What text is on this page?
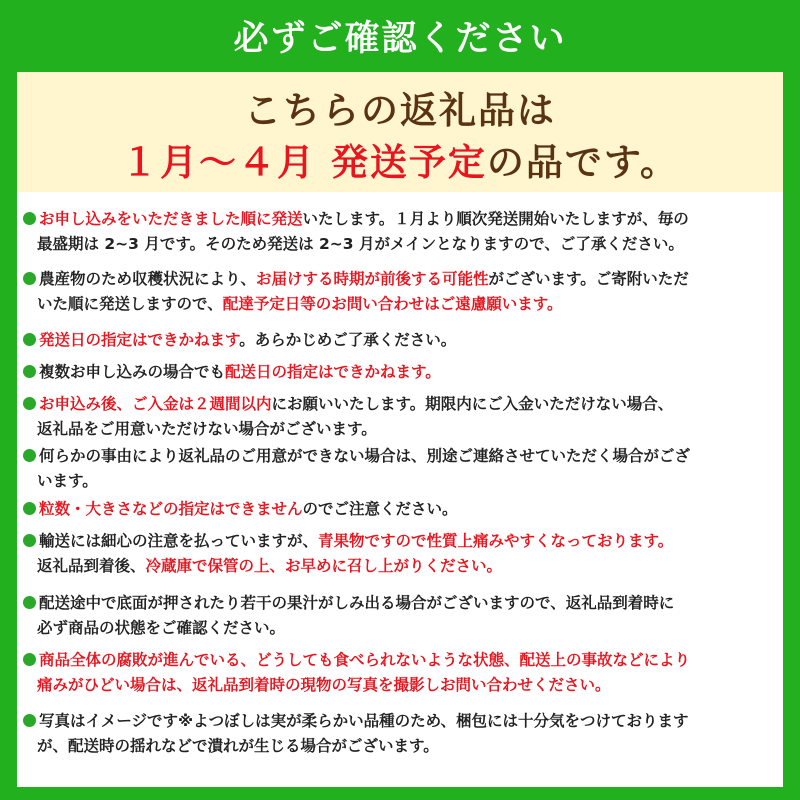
必ずご確認ください
こちらの返礼品は
１月～４月 発送予定の品です。
お申し込みをいただきました順に発送いたします。１月より順次発送開始いたしますが、毎の
最盛期は 2~3 月です。そのため発送は 2~3 月がメインとなりますので、ご了承ください。
農産物のため収穫状況により、お届けする時期が前後する可能性がございます。ご寄附いただ
いた順に発送しますので、配達予定日等のお問い合わせはご遠慮願います。
発送日の指定はできかねます。あらかじめご了承ください。
複数お申し込みの場合でも配送日の指定はできかねます。
お申込み後、ご入金は２週間以内にお願いいたします。期限内にご入金いただけない場合、
返礼品をご用意いただけない場合がございます。
何らかの事由により返礼品のご用意ができない場合は、別途ご連絡させていただく場合がござ
います。
粒数・大きさなどの指定はできませんのでご注意ください。
輸送には細心の注意を払っていますが、青果物ですので性質上痛みやすくなっております。
返礼品到着後、冷蔵庫で保管の上、お早めに召し上がりください。
配送途中で底面が押されたり若干の果汁がしみ出る場合がございますので、返礼品到着時に
必ず商品の状態をご確認ください。
商品全体の腐敗が進んでいる、どうしても食べられないような状態、配送上の事故などにより
痛みがひどい場合は、返礼品到着時の現物の写真を撮影しお問い合わせください。
写真はイメージです※よつぼしは実が柔らかい品種のため、梱包には十分気をつけております
が、配送時の揺れなどで潰れが生じる場合がございます。
